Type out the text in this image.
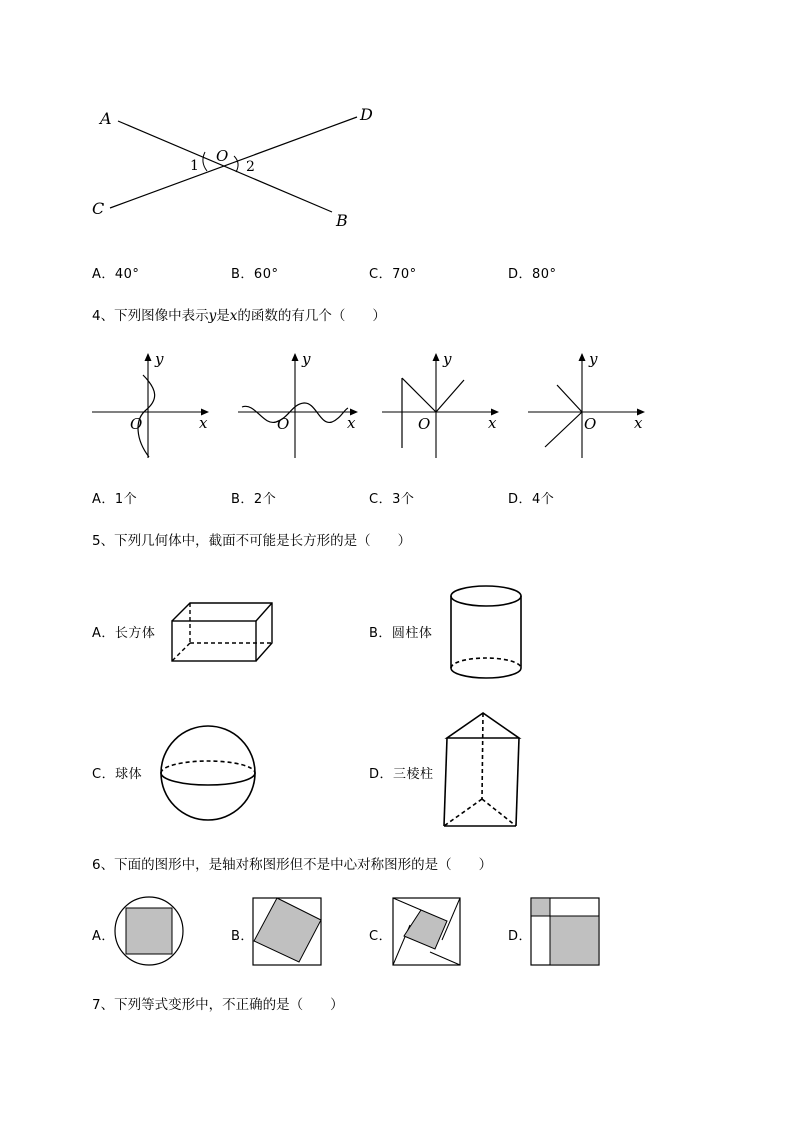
A	D
O
1	2
C
B
A．40°	B．60°	C．70°	D．80°
4、下列图像中表示y是x的函数的有几个（　　）
y
x
O
y
x
O
y
x
O
y
x
O
A．1个	B．2个	C．3个	D．4个
5、下列几何体中，截面不可能是长方形的是（　　）
A．长方体	B．圆柱体
C．球体	D．三棱柱
6、下面的图形中，是轴对称图形但不是中心对称图形的是（　　）
A．	B．	C．	D．
7、下列等式变形中，不正确的是（　　）
